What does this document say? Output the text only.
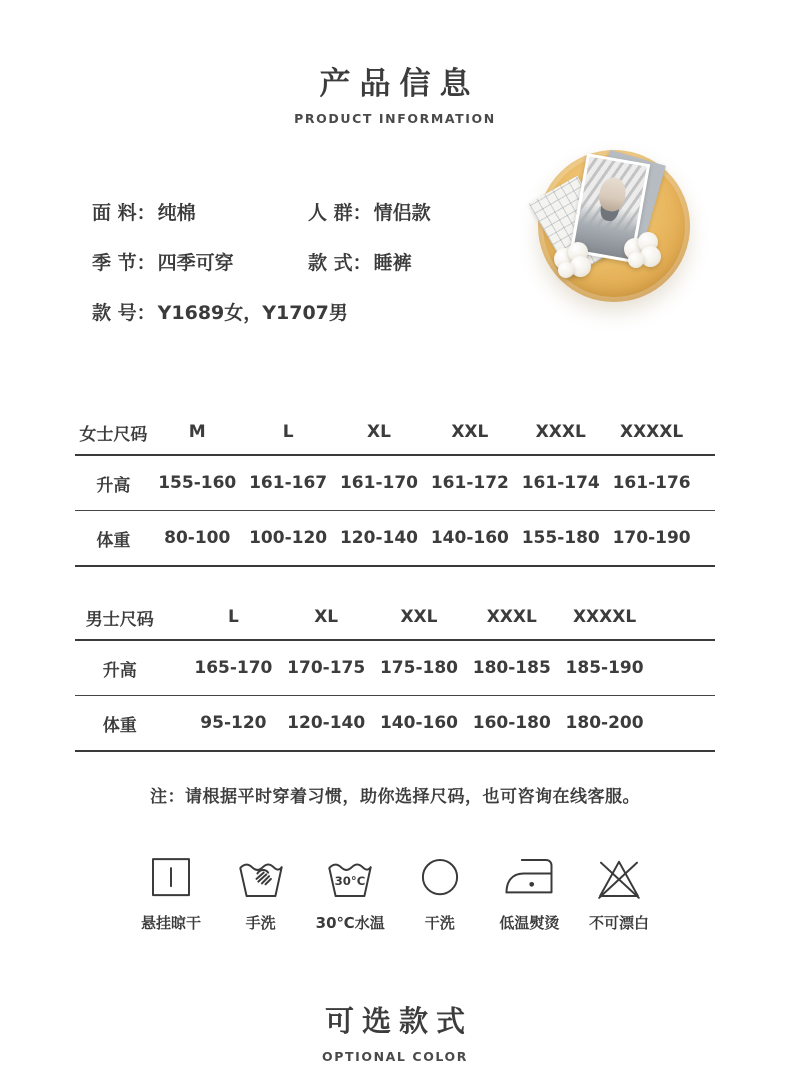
产品信息
PRODUCT INFORMATION
面 料： 纯棉	人 群： 情侣款
季 节： 四季可穿	款 式： 睡裤
款 号： Y1689女，Y1707男
女士尺码	M	L	XL	XXL	XXXL	XXXXL
升高	155-160 161-167 161-170 161-172 161-174 161-176
体重	80-100	100-120 120-140 140-160 155-180 170-190
男士尺码	L	XL	XXL	XXXL	XXXXL
升高	165-170 170-175 175-180 180-185 185-190
体重	95-120	120-140 140-160 160-180 180-200
注：请根据平时穿着习惯，助你选择尺码，也可咨询在线客服。
悬挂晾干	手洗
30°C
30℃水温	干洗	低温熨烫 不可漂白
可选款式
OPTIONAL COLOR
